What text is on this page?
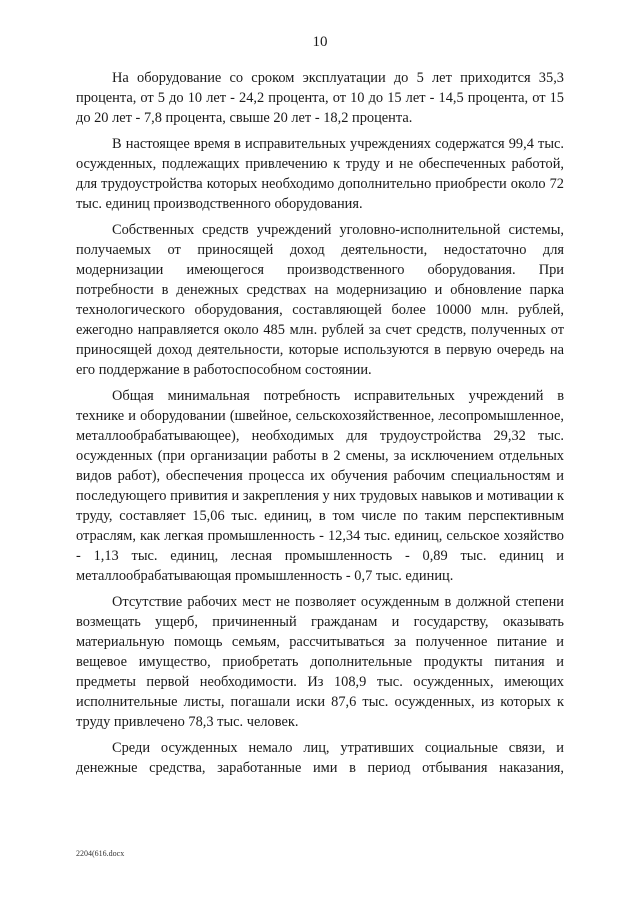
10

На оборудование со сроком эксплуатации до 5 лет приходится 35,3 процента, от 5 до 10 лет - 24,2 процента, от 10 до 15 лет - 14,5 процента, от 15 до 20 лет - 7,8 процента, свыше 20 лет - 18,2 процента.

В настоящее время в исправительных учреждениях содержатся 99,4 тыс. осужденных, подлежащих привлечению к труду и не обеспеченных работой, для трудоустройства которых необходимо дополнительно приобрести около 72 тыс. единиц производственного оборудования.

Собственных средств учреждений уголовно-исполнительной системы, получаемых от приносящей доход деятельности, недостаточно для модернизации имеющегося производственного оборудования. При потребности в денежных средствах на модернизацию и обновление парка технологического оборудования, составляющей более 10000 млн. рублей, ежегодно направляется около 485 млн. рублей за счет средств, полученных от приносящей доход деятельности, которые используются в первую очередь на его поддержание в работоспособном состоянии.

Общая минимальная потребность исправительных учреждений в технике и оборудовании (швейное, сельскохозяйственное, лесопромышленное, металлообрабатывающее), необходимых для трудоустройства 29,32 тыс. осужденных (при организации работы в 2 смены, за исключением отдельных видов работ), обеспечения процесса их обучения рабочим специальностям и последующего привития и закрепления у них трудовых навыков и мотивации к труду, составляет 15,06 тыс. единиц, в том числе по таким перспективным отраслям, как легкая промышленность - 12,34 тыс. единиц, сельское хозяйство - 1,13 тыс. единиц, лесная промышленность - 0,89 тыс. единиц и металлообрабатывающая промышленность - 0,7 тыс. единиц.

Отсутствие рабочих мест не позволяет осужденным в должной степени возмещать ущерб, причиненный гражданам и государству, оказывать материальную помощь семьям, рассчитываться за полученное питание и вещевое имущество, приобретать дополнительные продукты питания и предметы первой необходимости. Из 108,9 тыс. осужденных, имеющих исполнительные листы, погашали иски 87,6 тыс. осужденных, из которых к труду привлечено 78,3 тыс. человек.

Среди осужденных немало лиц, утративших социальные связи, и денежные средства, заработанные ими в период отбывания наказания,

2204(616.docx
